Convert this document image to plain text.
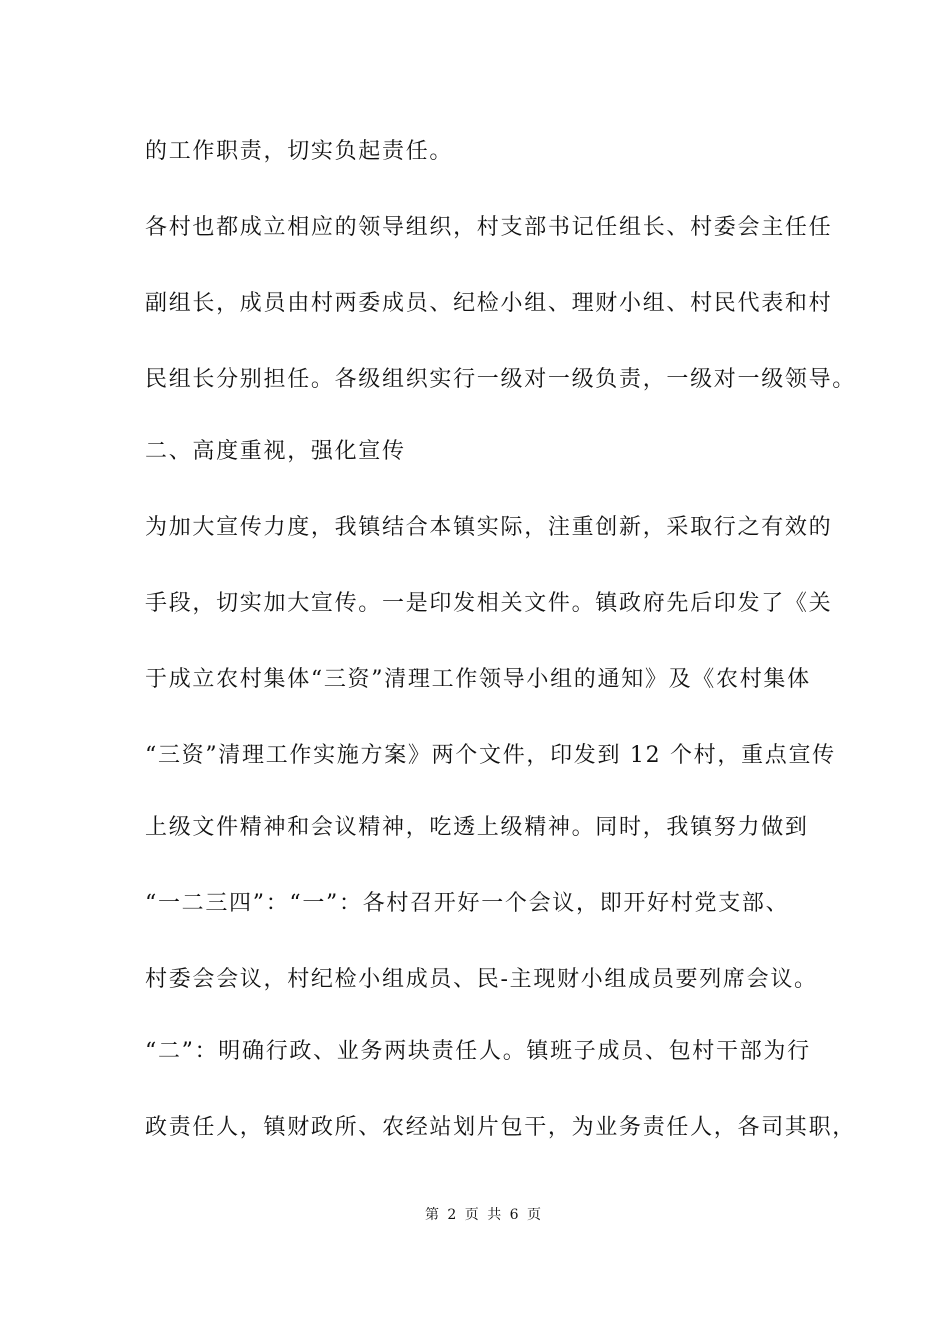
的工作职责，切实负起责任。
各村也都成立相应的领导组织，村支部书记任组长、村委会主任任
副组长，成员由村两委成员、纪检小组、理财小组、村民代表和村
民组长分别担任。各级组织实行一级对一级负责，一级对一级领导。
二、高度重视，强化宣传
为加大宣传力度，我镇结合本镇实际，注重创新，采取行之有效的
手段，切实加大宣传。一是印发相关文件。镇政府先后印发了《关
于成立农村集体“三资”清理工作领导小组的通知》及《农村集体
“三资”清理工作实施方案》两个文件，印发到 12 个村，重点宣传
上级文件精神和会议精神，吃透上级精神。同时，我镇努力做到
“一二三四”：“一”：各村召开好一个会议，即开好村党支部、
村委会会议，村纪检小组成员、民-主现财小组成员要列席会议。
“二”：明确行政、业务两块责任人。镇班子成员、包村干部为行
政责任人，镇财政所、农经站划片包干，为业务责任人，各司其职，
第 2 页 共 6 页
